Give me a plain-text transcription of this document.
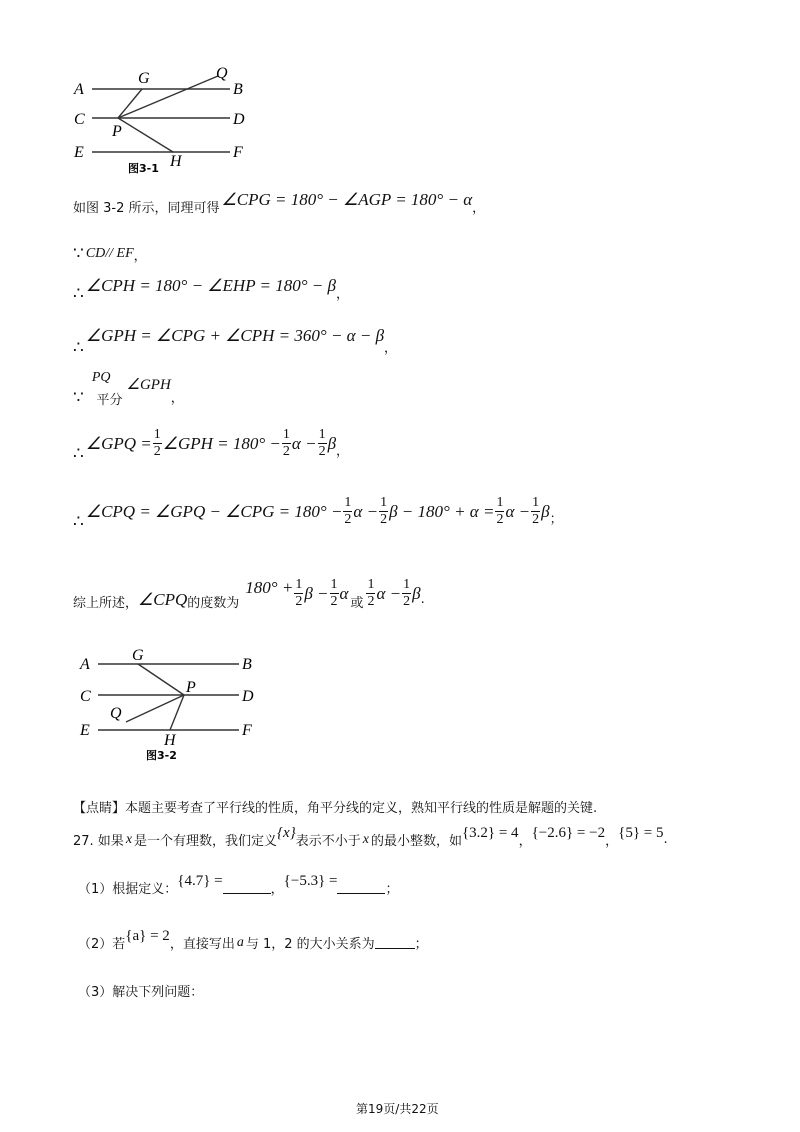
A	B
C	D
E	F
G
H
P
Q
图3-1
如图 3-2 所示，同理可得 ∠CPG = 180° − ∠AGP = 180° − α ，
∵ CD// EF ，
∴ ∠CPH = 180° − ∠EHP = 180° − β ，
∴
∠GPH = ∠CPG + ∠CPH = 360° − α − β
，
∵
PQ
平分
∠GPH
，
∴
∠GPQ = $\frac{1}{2}$ ∠GPH = $180^\circ - \frac{1}{2}$ $\alpha - \frac{1}{2}$ β ，
∴
∠CPQ = ∠GPQ − ∠CPG = $180^\circ - \frac{1}{2}$ $\alpha - \frac{1}{2}$ $\beta - 180^\circ + \alpha = \frac{1}{2}$ $\alpha - \frac{1}{2}$ β ；
综上所述， ∠CPQ 的度数为
$180^\circ + \frac{1}{2}$ $\beta - \frac{1}{2}$ α
或 $\frac{1}{2}$ $\alpha - \frac{1}{2}$ β .
A	B
C	D
E	F
G
H
P
Q
图3-2
【点睛】本题主要考查了平行线的性质，角平分线的定义，熟知平行线的性质是解题的关键.
27. 如果 x 是一个有理数，我们定义
{x}
表示不小于 x 的最小整数，如
{3.2} = 4
，
{−2.6} = −2
，
{5} = 5 .
（1）根据定义：
{4.7} =
，
{−5.3} =
；
（2）若
{a} = 2
，直接写出 a 与 1，2 的大小关系为	；
（3）解决下列问题：
第19页/共22页
